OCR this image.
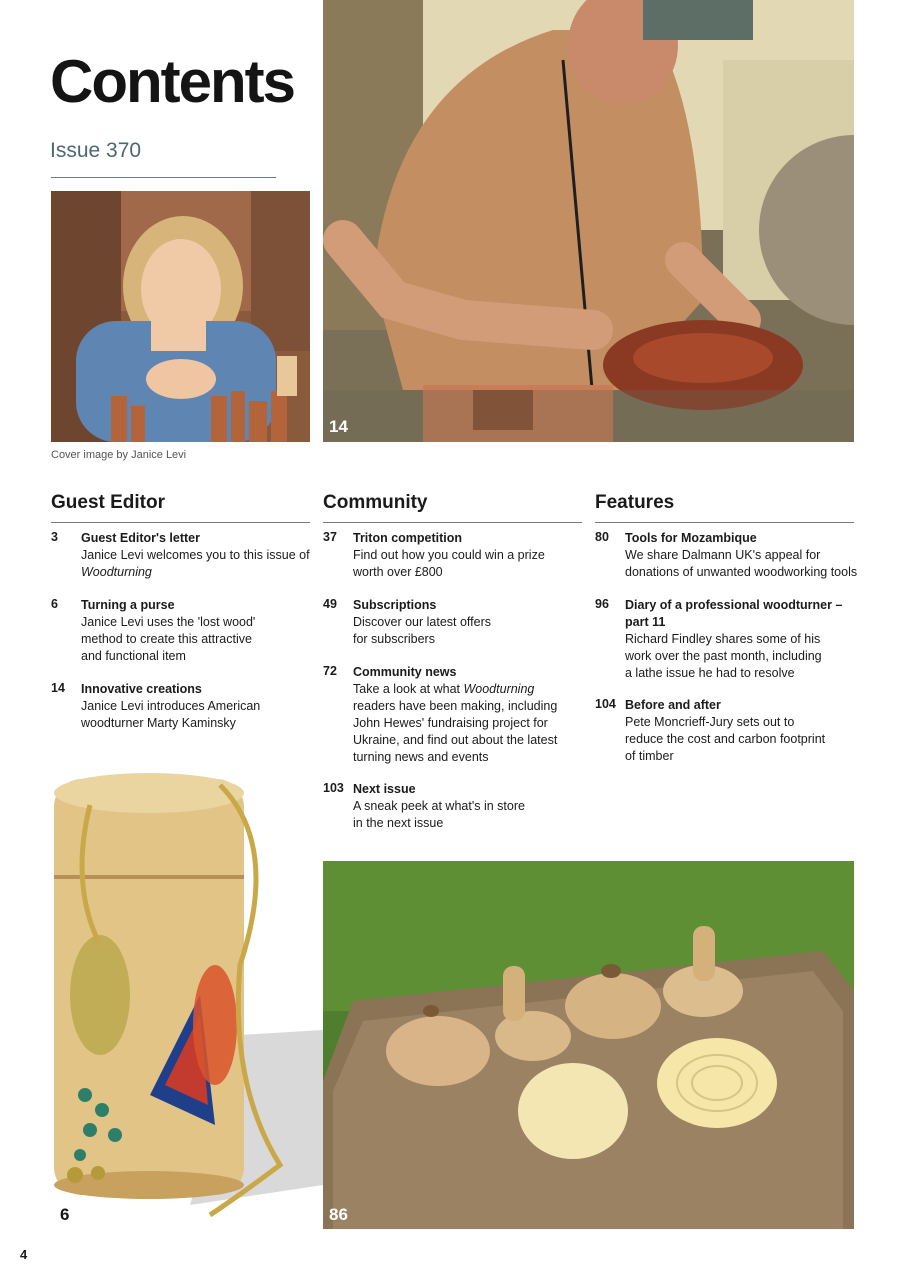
Contents
Issue 370
Cover image by Janice Levi
14
Guest Editor	Community	Features
3 Guest Editor's letter
Janice Levi welcomes you to this issue of Woodturning
6 Turning a purse
Janice Levi uses the 'lost wood' method to create this attractive and functional item
14 Innovative creations
Janice Levi introduces American woodturner Marty Kaminsky
37 Triton competition
Find out how you could win a prize worth over £800
49 Subscriptions
Discover our latest offers for subscribers
72 Community news
Take a look at what Woodturning readers have been making, including John Hewes' fundraising project for Ukraine, and find out about the latest turning news and events
103 Next issue
A sneak peek at what's in store in the next issue
80 Tools for Mozambique
We share Dalmann UK's appeal for donations of unwanted woodworking tools
96 Diary of a professional woodturner – part 11
Richard Findley shares some of his work over the past month, including a lathe issue he had to resolve
104 Before and after
Pete Moncrieff-Jury sets out to reduce the cost and carbon footprint of timber
6	86
4
